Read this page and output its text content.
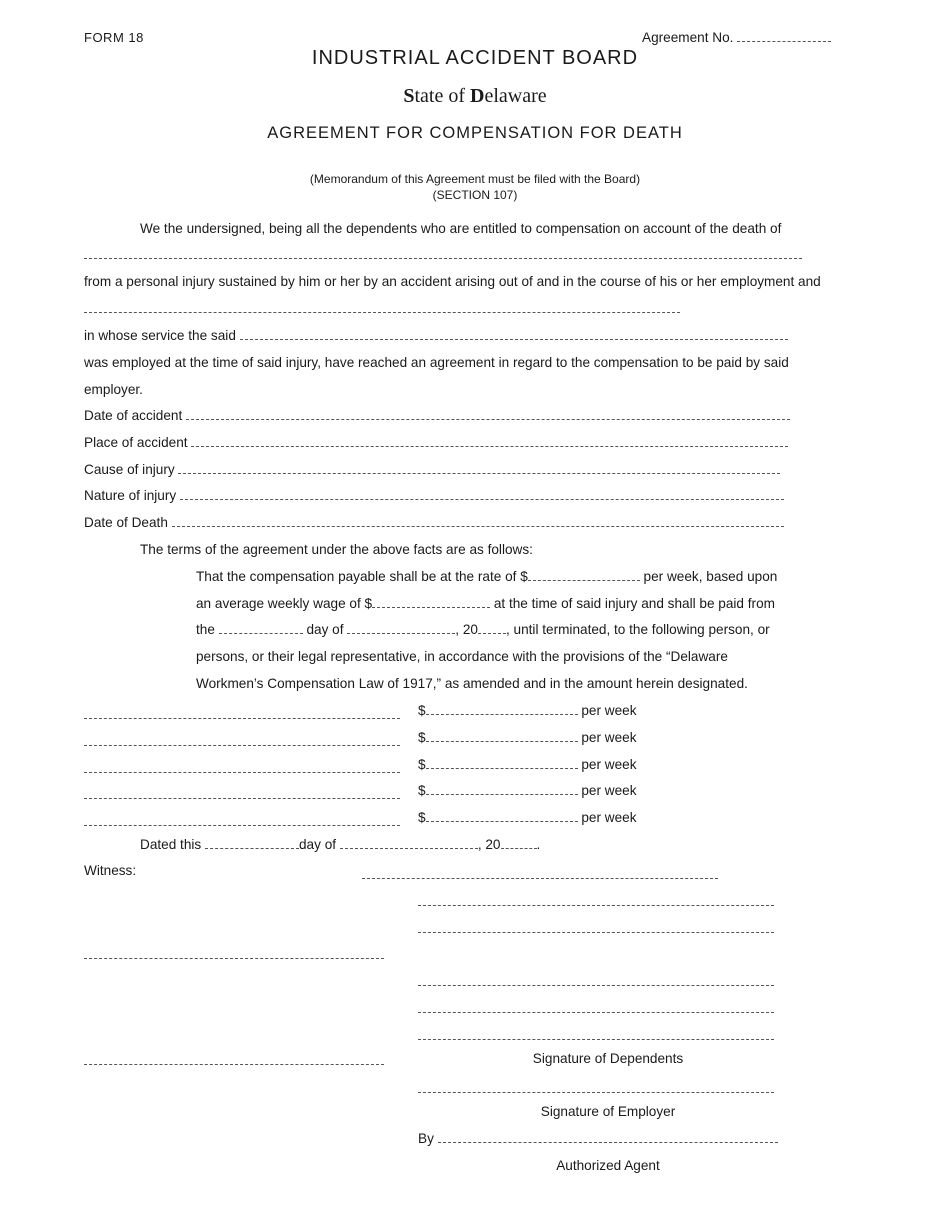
FORM 18	Agreement No.
INDUSTRIAL ACCIDENT BOARD
State of Delaware
AGREEMENT FOR COMPENSATION FOR DEATH
(Memorandum of this Agreement must be filed with the Board)
(SECTION 107)
We the undersigned, being all the dependents who are entitled to compensation on account of the death of
from a personal injury sustained by him or her by an accident arising out of and in the course of his or her employment and
in whose service the said
was employed at the time of said injury, have reached an agreement in regard to the compensation to be paid by said
employer.
Date of accident
Place of accident
Cause of injury
Nature of injury
Date of Death
The terms of the agreement under the above facts are as follows:
That the compensation payable shall be at the rate of $	per week, based upon
an average weekly wage of $	at the time of said injury and shall be paid from
the	day of	, 20 , until terminated, to the following person, or
persons, or their legal representative, in accordance with the provisions of the “Delaware
Workmen’s Compensation Law of 1917,” as amended and in the amount herein designated.
$	per week
$	per week
$	per week
$	per week
$	per week
Dated this	day of	, 20	.
Witness:
Signature of Dependents
Signature of Employer
By
Authorized Agent
